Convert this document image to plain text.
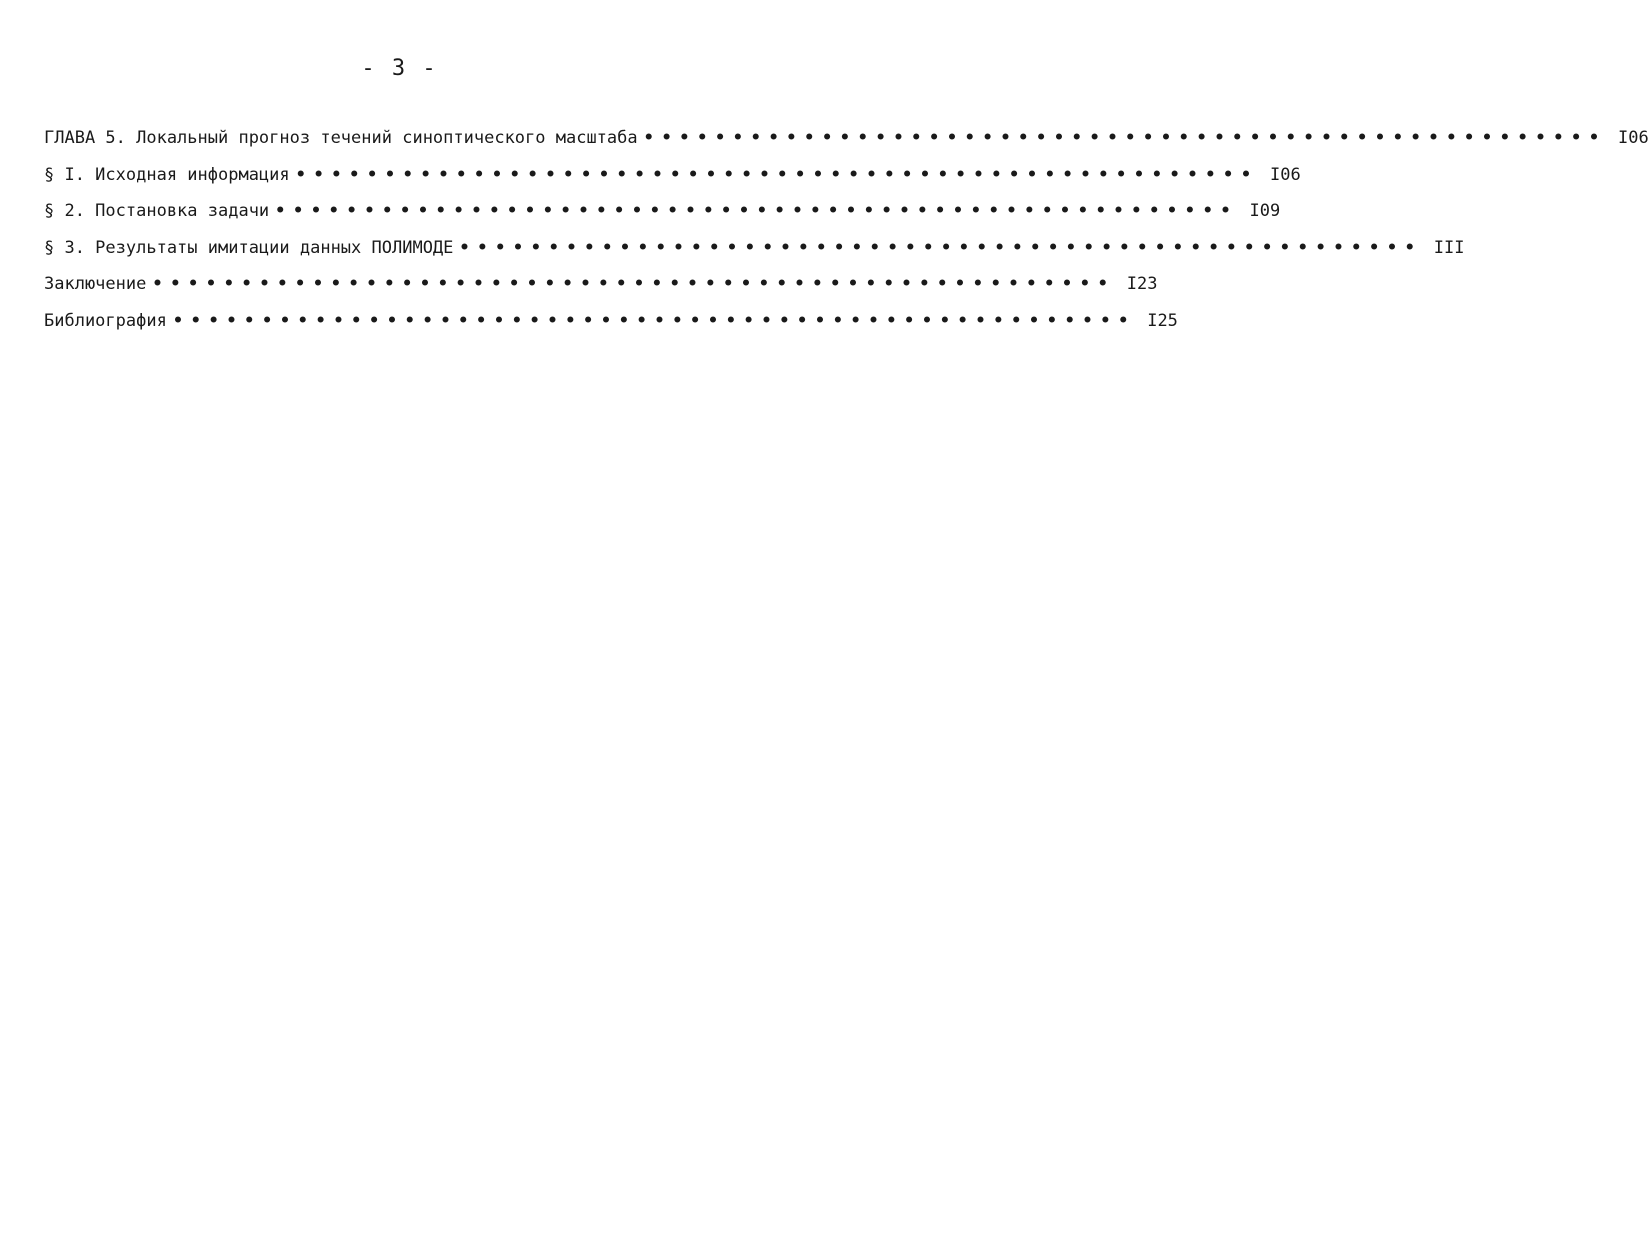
- 3 -
ГЛАВА 5. Локальный прогноз течений синоптического масштаба •••••••••••••••••••••••••••••••••••••••••••••••••••••• I06
§ I. Исходная информация •••••••••••••••••••••••••••••••••••••••••••••••••••••• I06
§ 2. Постановка задачи •••••••••••••••••••••••••••••••••••••••••••••••••••••• I09
§ 3. Результаты имитации данных ПОЛИМОДЕ •••••••••••••••••••••••••••••••••••••••••••••••••••••• III
Заключение •••••••••••••••••••••••••••••••••••••••••••••••••••••• I23
Библиография •••••••••••••••••••••••••••••••••••••••••••••••••••••• I25
